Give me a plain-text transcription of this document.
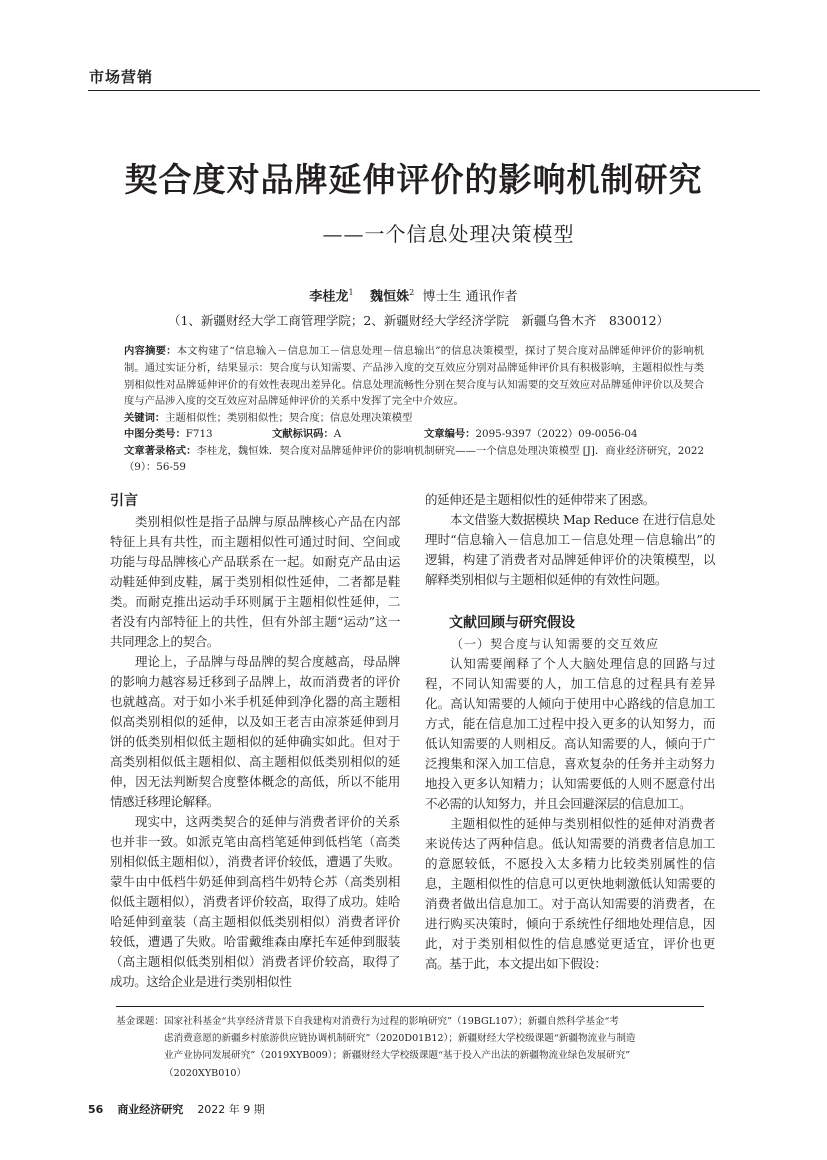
市场营销
契合度对品牌延伸评价的影响机制研究
——一个信息处理决策模型
李桂龙$^1$ 魏恒姝$^2$ 博士生 通讯作者
（1、新疆财经大学工商管理学院；2、新疆财经大学经济学院　新疆乌鲁木齐　830012）
内容摘要：本文构建了“信息输入－信息加工－信息处理－信息输出”的信息决策模型，探讨了契合度对品牌延伸评价的影响机制。通过实证分析，结果显示：契合度与认知需要、产品涉入度的交互效应分别对品牌延伸评价具有积极影响，主题相似性与类别相似性对品牌延伸评价的有效性表现出差异化。信息处理流畅性分别在契合度与认知需要的交互效应对品牌延伸评价以及契合度与产品涉入度的交互效应对品牌延伸评价的关系中发挥了完全中介效应。
关键词：主题相似性；类别相似性；契合度；信息处理决策模型
中图分类号：F713	文献标识码：A	文章编号：2095-9397（2022）09-0056-04
文章著录格式：李桂龙，魏恒姝．契合度对品牌延伸评价的影响机制研究——一个信息处理决策模型 [J]．商业经济研究，2022（9）：56-59
引言

类别相似性是指子品牌与原品牌核心产品在内部特征上具有共性，而主题相似性可通过时间、空间或功能与母品牌核心产品联系在一起。如耐克产品由运动鞋延伸到皮鞋，属于类别相似性延伸，二者都是鞋类。而耐克推出运动手环则属于主题相似性延伸，二者没有内部特征上的共性，但有外部主题“运动”这一共同理念上的契合。

理论上，子品牌与母品牌的契合度越高，母品牌的影响力越容易迁移到子品牌上，故而消费者的评价也就越高。对于如小米手机延伸到净化器的高主题相似高类别相似的延伸，以及如王老吉由凉茶延伸到月饼的低类别相似低主题相似的延伸确实如此。但对于高类别相似低主题相似、高主题相似低类别相似的延伸，因无法判断契合度整体概念的高低，所以不能用情感迁移理论解释。

现实中，这两类契合的延伸与消费者评价的关系也并非一致。如派克笔由高档笔延伸到低档笔（高类别相似低主题相似），消费者评价较低，遭遇了失败。蒙牛由中低档牛奶延伸到高档牛奶特仑苏（高类别相似低主题相似），消费者评价较高，取得了成功。娃哈哈延伸到童装（高主题相似低类别相似）消费者评价较低，遭遇了失败。哈雷戴维森由摩托车延伸到服装（高主题相似低类别相似）消费者评价较高，取得了成功。这给企业是进行类别相似性

的延伸还是主题相似性的延伸带来了困惑。

本文借鉴大数据模块 Map Reduce 在进行信息处理时“信息输入－信息加工－信息处理－信息输出”的逻辑，构建了消费者对品牌延伸评价的决策模型，以解释类别相似与主题相似延伸的有效性问题。

文献回顾与研究假设
（一）契合度与认知需要的交互效应

认知需要阐释了个人大脑处理信息的回路与过程，不同认知需要的人，加工信息的过程具有差异化。高认知需要的人倾向于使用中心路线的信息加工方式，能在信息加工过程中投入更多的认知努力，而低认知需要的人则相反。高认知需要的人，倾向于广泛搜集和深入加工信息，喜欢复杂的任务并主动努力地投入更多认知精力；认知需要低的人则不愿意付出不必需的认知努力，并且会回避深层的信息加工。

主题相似性的延伸与类别相似性的延伸对消费者来说传达了两种信息。低认知需要的消费者信息加工的意愿较低，不愿投入太多精力比较类别属性的信息，主题相似性的信息可以更快地刺激低认知需要的消费者做出信息加工。对于高认知需要的消费者，在进行购买决策时，倾向于系统性仔细地处理信息，因此，对于类别相似性的信息感觉更适宜，评价也更高。基于此，本文提出如下假设：

基金课题：国家社科基金“共享经济背景下自我建构对消费行为过程的影响研究”（19BGL107）；新疆自然科学基金“考
虑消费意愿的新疆乡村旅游供应链协调机制研究”（2020D01B12）；新疆财经大学校级课题“新疆物流业与制造
业产业协同发展研究”（2019XYB009）；新疆财经大学校级课题“基于投入产出法的新疆物流业绿色发展研究”
（2020XYB010）
56 商业经济研究 2022 年 9 期
